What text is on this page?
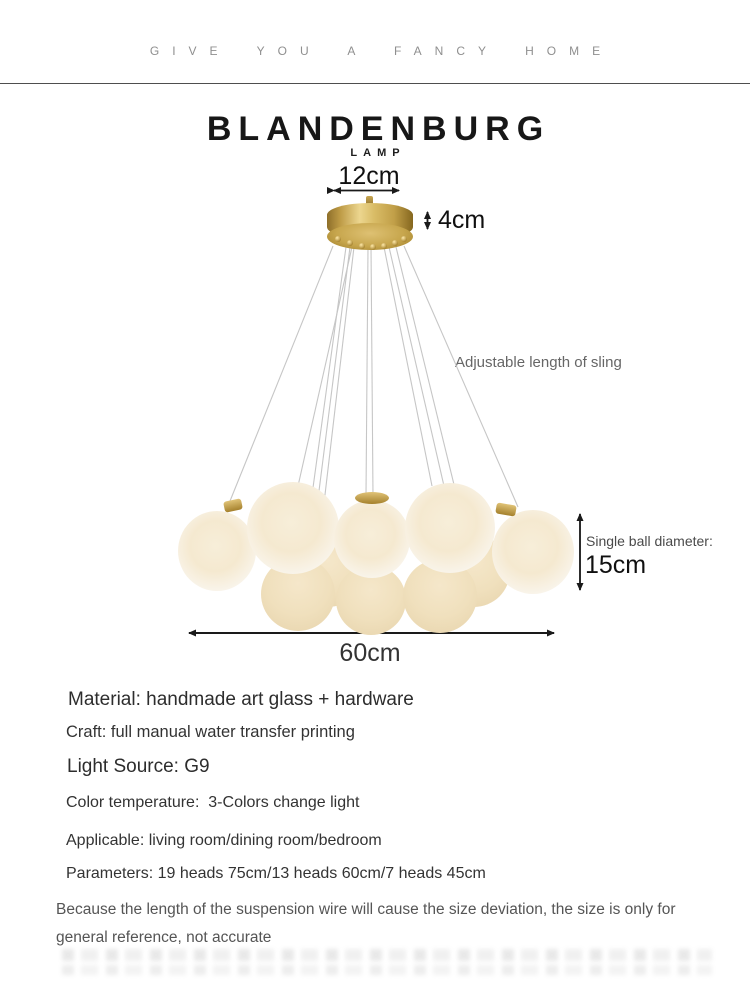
GIVE YOU A FANCY HOME
BLANDENBURG
LAMP
12cm
4cm
Adjustable length of sling
Single ball diameter:
15cm
60cm
Material: handmade art glass + hardware
Craft: full manual water transfer printing
Light Source: G9
Color temperature:  3-Colors change light
Applicable: living room/dining room/bedroom
Parameters: 19 heads 75cm/13 heads 60cm/7 heads 45cm
Because the length of the suspension wire will cause the size deviation, the size is only for
general reference, not accurate
